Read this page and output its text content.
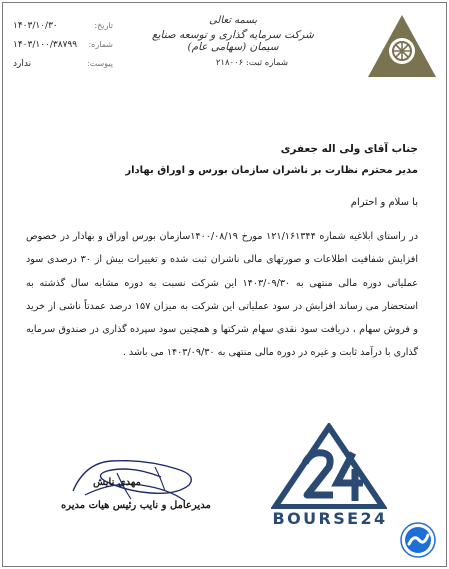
بسمه تعالی
شرکت سرمایه گذاری و توسعه صنایع سیمان (سهامی عام)
شماره ثبت: ۲۱۸۰۰۶
تاریخ:
۱۴۰۳/۱۰/۳۰
شماره:
۱۴۰۳/۱۰۰/۳۸۷۹۹
پیوست:
ندارد
جناب آقای ولی اله جعفری
مدیر محترم نظارت بر ناشران سازمان بورس و اوراق بهادار
با سلام و احترام
در راستای ابلاغیه شماره ۱۲۱/۱۶۱۳۴۴ مورخ ۱۴۰۰/۰۸/۱۹سازمان بورس اوراق و بهادار در خصوص افزایش شفافیت اطلاعات و صورتهای مالی ناشران ثبت شده و تغییرات بیش از ۳۰ درصدی سود عملیاتی دوره مالی منتهی به ۱۴۰۳/۰۹/۳۰ این شرکت نسبت به دوره مشابه سال گذشته به استحضار می رساند افزایش در سود عملیاتی این شرکت به میزان ۱۵۷ درصد عمدتاً ناشی از خرید و فروش سهام ، دریافت سود نقدی سهام شرکتها و همچنین سود سپرده گذاری در صندوق سرمایه گذاری با درآمد ثابت و غیره در دوره مالی منتهی به ۱۴۰۳/۰۹/۳۰ می باشد .
BOURSE24
مهدی نایش
مدیرعامل و نایب رئیس هیات مدیره
